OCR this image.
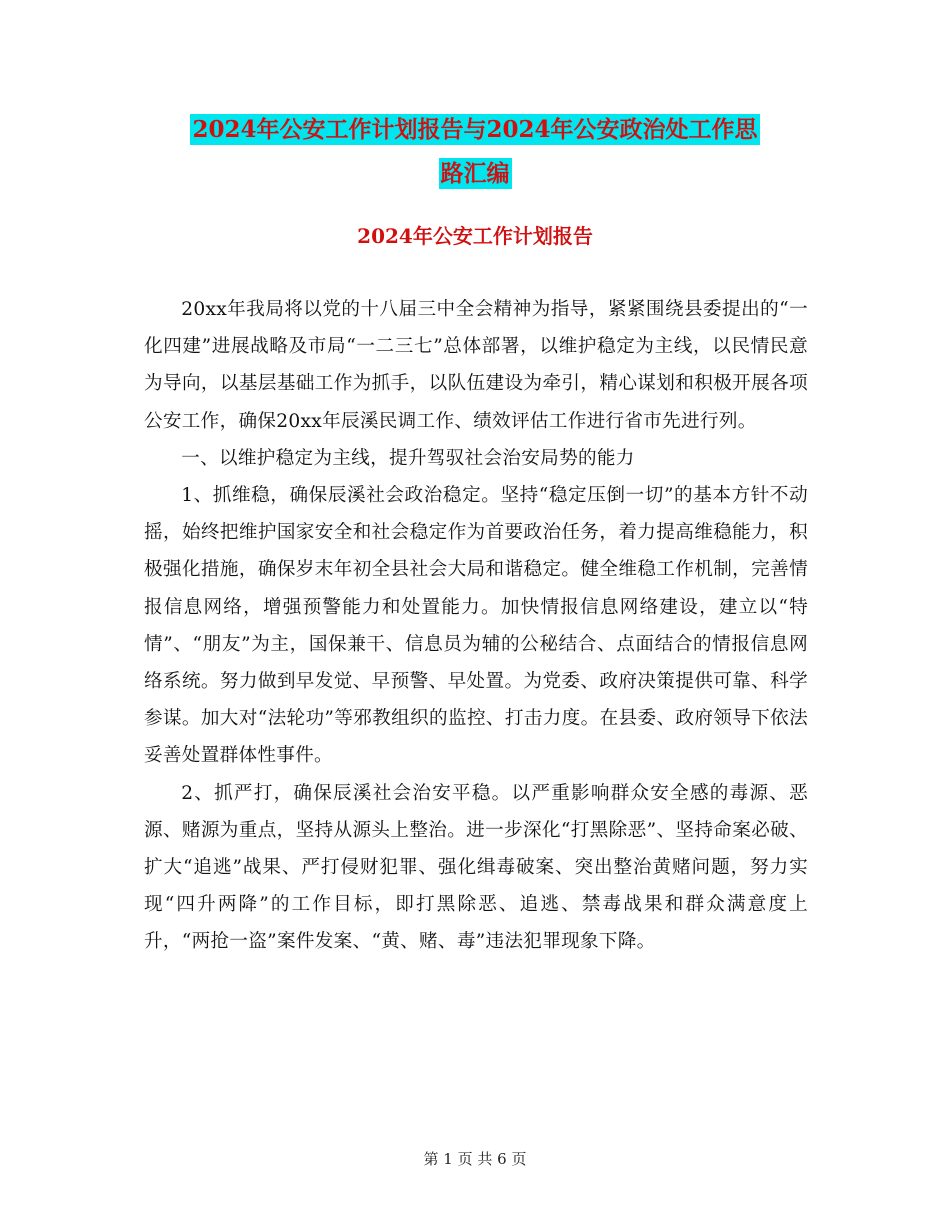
2024年公安工作计划报告与2024年公安政治处工作思
路汇编
2024年公安工作计划报告

20xx年我局将以党的十八届三中全会精神为指导，紧紧围绕县委提出的“一化四建”进展战略及市局“一二三七”总体部署，以维护稳定为主线，以民情民意为导向，以基层基础工作为抓手，以队伍建设为牵引，精心谋划和积极开展各项公安工作，确保20xx年辰溪民调工作、绩效评估工作进行省市先进行列。

一、以维护稳定为主线，提升驾驭社会治安局势的能力

1、抓维稳，确保辰溪社会政治稳定。坚持“稳定压倒一切”的基本方针不动摇，始终把维护国家安全和社会稳定作为首要政治任务，着力提高维稳能力，积极强化措施，确保岁末年初全县社会大局和谐稳定。健全维稳工作机制，完善情报信息网络，增强预警能力和处置能力。加快情报信息网络建设，建立以“特情”、“朋友”为主，国保兼干、信息员为辅的公秘结合、点面结合的情报信息网络系统。努力做到早发觉、早预警、早处置。为党委、政府决策提供可靠、科学参谋。加大对“法轮功”等邪教组织的监控、打击力度。在县委、政府领导下依法妥善处置群体性事件。

2、抓严打，确保辰溪社会治安平稳。以严重影响群众安全感的毒源、恶源、赌源为重点，坚持从源头上整治。进一步深化“打黑除恶”、坚持命案必破、扩大“追逃”战果、严打侵财犯罪、强化缉毒破案、突出整治黄赌问题，努力实现“四升两降”的工作目标，即打黑除恶、追逃、禁毒战果和群众满意度上升，“两抢一盗”案件发案、“黄、赌、毒”违法犯罪现象下降。

第 1 页 共 6 页
